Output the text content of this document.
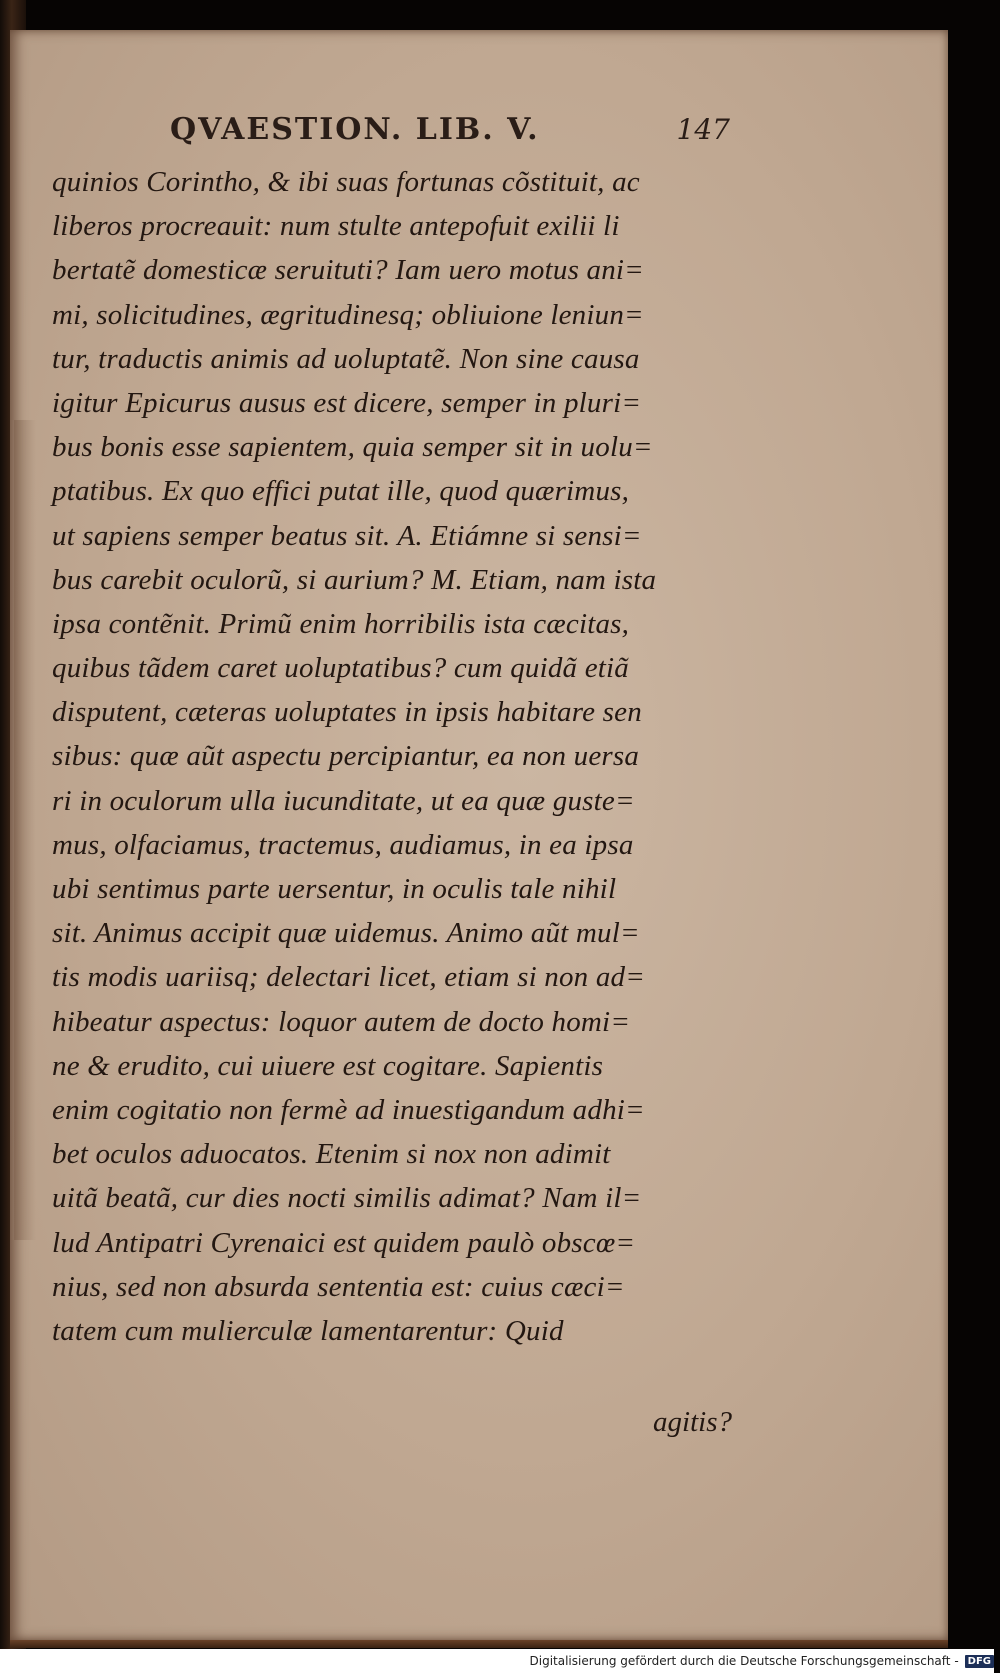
QVAESTION. LIB. V.	147
quinios Corintho, & ibi suas fortunas cõstituit, ac
liberos procreauit: num stulte antepofuit exilii li
bertatẽ domesticæ seruituti? Iam uero motus ani=
mi, solicitudines, ægritudinesq; obliuione leniun=
tur, traductis animis ad uoluptatẽ. Non sine causa
igitur Epicurus ausus est dicere, semper in pluri=
bus bonis esse sapientem, quia semper sit in uolu=
ptatibus. Ex quo effici putat ille, quod quærimus,
ut sapiens semper beatus sit. A. Etiámne si sensi=
bus carebit oculorũ, si aurium? M. Etiam, nam ista
ipsa contẽnit. Primũ enim horribilis ista cæcitas,
quibus tãdem caret uoluptatibus? cum quidã etiã
disputent, cæteras uoluptates in ipsis habitare sen
sibus: quæ aũt aspectu percipiantur, ea non uersa
ri in oculorum ulla iucunditate, ut ea quæ guste=
mus, olfaciamus, tractemus, audiamus, in ea ipsa
ubi sentimus parte uersentur, in oculis tale nihil
sit. Animus accipit quæ uidemus. Animo aũt mul=
tis modis uariisq; delectari licet, etiam si non ad=
hibeatur aspectus: loquor autem de docto homi=
ne & erudito, cui uiuere est cogitare. Sapientis
enim cogitatio non fermè ad inuestigandum adhi=
bet oculos aduocatos. Etenim si nox non adimit
uitã beatã, cur dies nocti similis adimat? Nam il=
lud Antipatri Cyrenaici est quidem paulò obscœ=
nius, sed non absurda sententia est: cuius cæci=
tatem cum mulierculæ lamentarentur: Quid
agitis?
Digitalisierung gefördert durch die Deutsche Forschungsgemeinschaft - DFG
